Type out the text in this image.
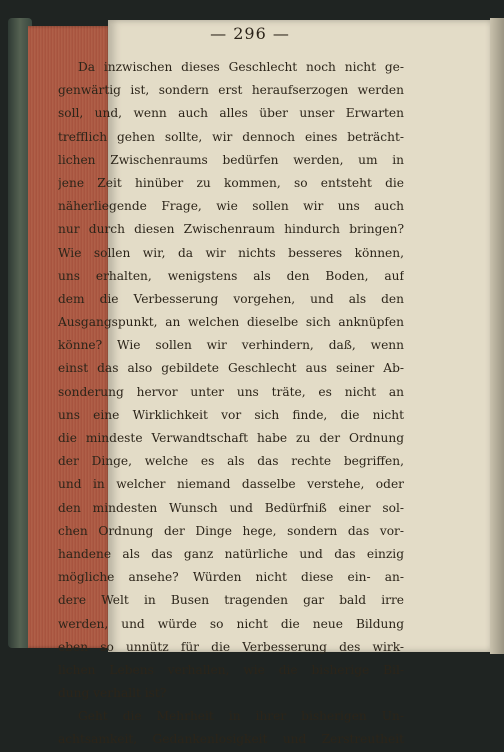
— 296 —
Da inzwischen dieses Geschlecht noch nicht ge-
genwärtig ist, sondern erst heraufserzogen werden
soll, und, wenn auch alles über unser Erwarten
trefflich gehen sollte, wir dennoch eines beträcht-
lichen Zwischenraums bedürfen werden, um in
jene Zeit hinüber zu kommen, so entsteht die
näherliegende Frage, wie sollen wir uns auch
nur durch diesen Zwischenraum hindurch bringen?
Wie sollen wir, da wir nichts besseres können,
uns erhalten, wenigstens als den Boden, auf
dem die Verbesserung vorgehen, und als den
Ausgangspunkt, an welchen dieselbe sich anknüpfen
könne? Wie sollen wir verhindern, daß, wenn
einst das also gebildete Geschlecht aus seiner Ab-
sonderung hervor unter uns träte, es nicht an
uns eine Wirklichkeit vor sich finde, die nicht
die mindeste Verwandtschaft habe zu der Ordnung
der Dinge, welche es als das rechte begriffen,
und in welcher niemand dasselbe verstehe, oder
den mindesten Wunsch und Bedürfniß einer sol-
chen Ordnung der Dinge hege, sondern das vor-
handene als das ganz natürliche und das einzig
mögliche ansehe? Würden nicht diese ein- an-
dere Welt in Busen tragenden gar bald irre
werden, und würde so nicht die neue Bildung
eben so unnütz für die Verbesserung des wirk-
lichen Lebens verhallen, wie die bisherige Bil-
dung verhallt ist?
Geht die Mehrheit in ihrer bisherigen Un-
achtsamkeit, Gedankenlosigkeit und Zerstreutheit
